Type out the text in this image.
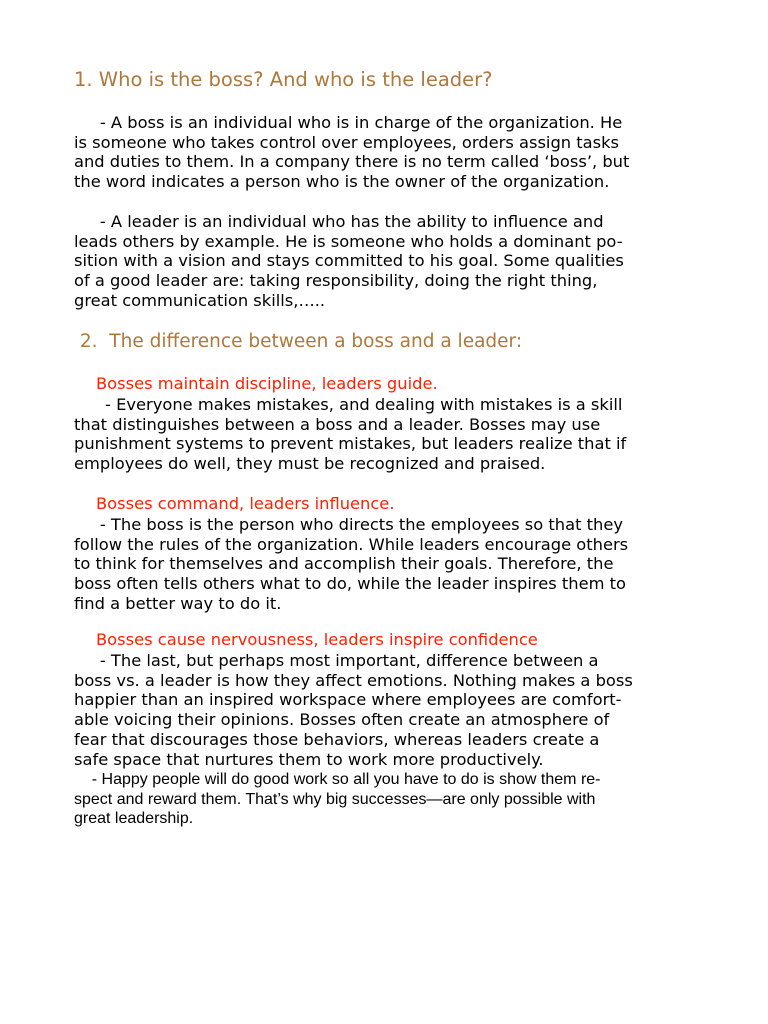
1. Who is the boss? And who is the leader?
- A boss is an individual who is in charge of the organization. He
is someone who takes control over employees, orders assign tasks
and duties to them. In a company there is no term called ‘boss’, but
the word indicates a person who is the owner of the organization.
- A leader is an individual who has the ability to influence and
leads others by example. He is someone who holds a dominant po-
sition with a vision and stays committed to his goal. Some qualities
of a good leader are: taking responsibility, doing the right thing,
great communication skills,…..
2.  The difference between a boss and a leader:
Bosses maintain discipline, leaders guide.
- Everyone makes mistakes, and dealing with mistakes is a skill
that distinguishes between a boss and a leader. Bosses may use
punishment systems to prevent mistakes, but leaders realize that if
employees do well, they must be recognized and praised.
Bosses command, leaders influence.
- The boss is the person who directs the employees so that they
follow the rules of the organization. While leaders encourage others
to think for themselves and accomplish their goals. Therefore, the
boss often tells others what to do, while the leader inspires them to
find a better way to do it.
Bosses cause nervousness, leaders inspire confidence
- The last, but perhaps most important, difference between a
boss vs. a leader is how they affect emotions. Nothing makes a boss
happier than an inspired workspace where employees are comfort-
able voicing their opinions. Bosses often create an atmosphere of
fear that discourages those behaviors, whereas leaders create a
safe space that nurtures them to work more productively.
- Happy people will do good work so all you have to do is show them re-
spect and reward them. That’s why big successes—are only possible with
great leadership.
